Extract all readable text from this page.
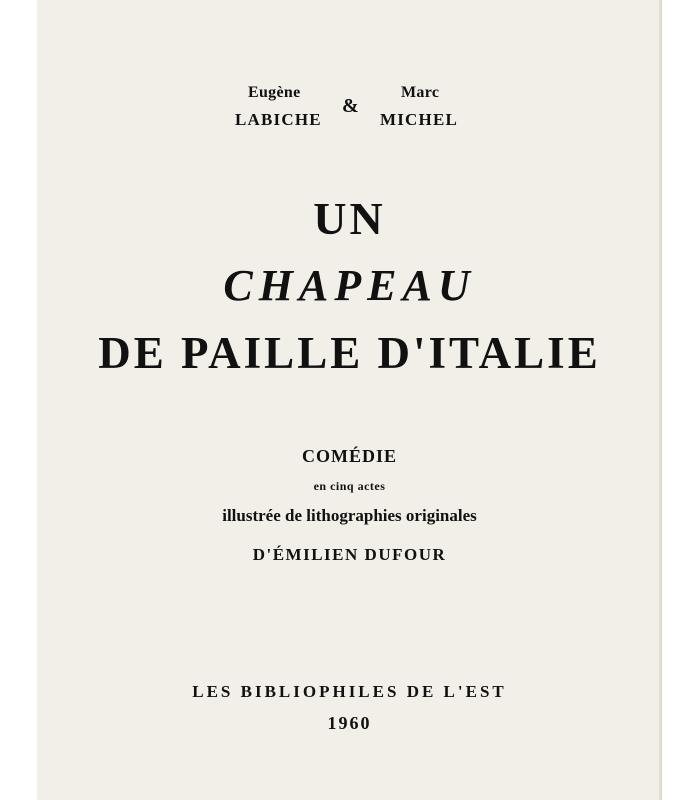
Eugène
LABICHE
&
Marc
MICHEL
UN
CHAPEAU
DE PAILLE D'ITALIE
COMÉDIE
en cinq actes
illustrée de lithographies originales
D'ÉMILIEN DUFOUR
LES BIBLIOPHILES DE L'EST
1960
